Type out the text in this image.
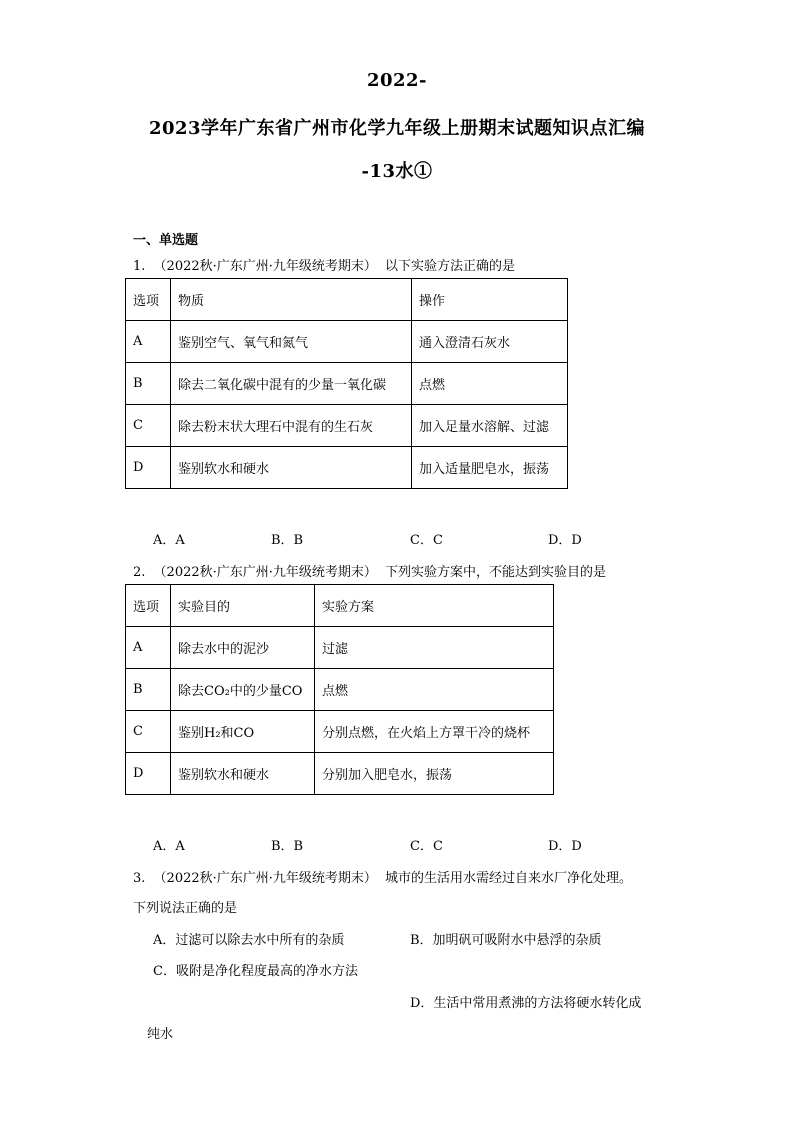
2022-
2023学年广东省广州市化学九年级上册期末试题知识点汇编
-13水①
一、单选题
1. （2022秋·广东广州·九年级统考期末） 以下实验方法正确的是
选项	物质	操作
A	鉴别空气、氧气和氮气	通入澄清石灰水
B	除去二氧化碳中混有的少量一氧化碳	点燃
C	除去粉末状大理石中混有的生石灰	加入足量水溶解、过滤
D	鉴别软水和硬水	加入适量肥皂水，振荡
A．A	B．B	C．C	D．D
2. （2022秋·广东广州·九年级统考期末） 下列实验方案中，不能达到实验目的是
选项	实验目的	实验方案
A	除去水中的泥沙	过滤
B	除去CO₂中的少量CO	点燃
C	鉴别H₂和CO	分别点燃，在火焰上方罩干冷的烧杯
D	鉴别软水和硬水	分别加入肥皂水，振荡
A．A	B．B	C．C	D．D
3. （2022秋·广东广州·九年级统考期末） 城市的生活用水需经过自来水厂净化处理。
下列说法正确的是
A．过滤可以除去水中所有的杂质	B．加明矾可吸附水中悬浮的杂质
C．吸附是净化程度最高的净水方法
D．生活中常用煮沸的方法将硬水转化成
纯水
